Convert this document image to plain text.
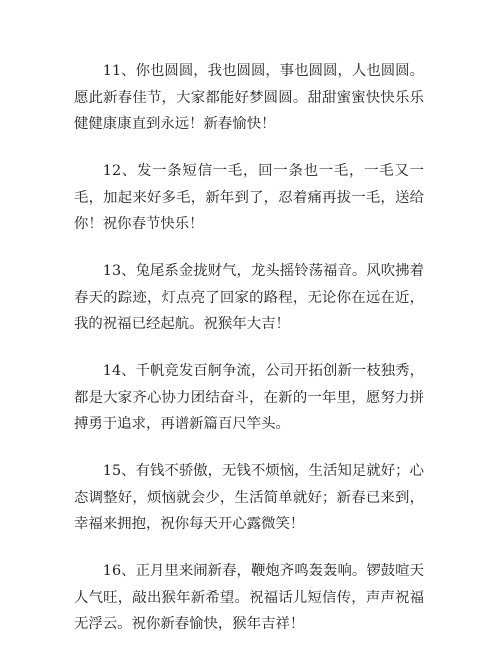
11、你也圆圆，我也圆圆，事也圆圆，人也圆圆。愿此新春佳节，大家都能好梦圆圆。甜甜蜜蜜快快乐乐健健康康直到永远！新春愉快！

12、发一条短信一毛，回一条也一毛，一毛又一毛，加起来好多毛，新年到了，忍着痛再拔一毛，送给你！祝你春节快乐！

13、兔尾系金拢财气，龙头摇铃荡福音。风吹拂着春天的踪迹，灯点亮了回家的路程，无论你在远在近，我的祝福已经起航。祝猴年大吉！

14、千帆竞发百舸争流，公司开拓创新一枝独秀，都是大家齐心协力团结奋斗，在新的一年里，愿努力拼搏勇于追求，再谱新篇百尺竿头。

15、有钱不骄傲，无钱不烦恼，生活知足就好；心态调整好，烦恼就会少，生活简单就好；新春已来到，幸福来拥抱，祝你每天开心露微笑！

16、正月里来闹新春，鞭炮齐鸣轰轰响。锣鼓喧天人气旺，敲出猴年新希望。祝福话儿短信传，声声祝福无浮云。祝你新春愉快，猴年吉祥！
